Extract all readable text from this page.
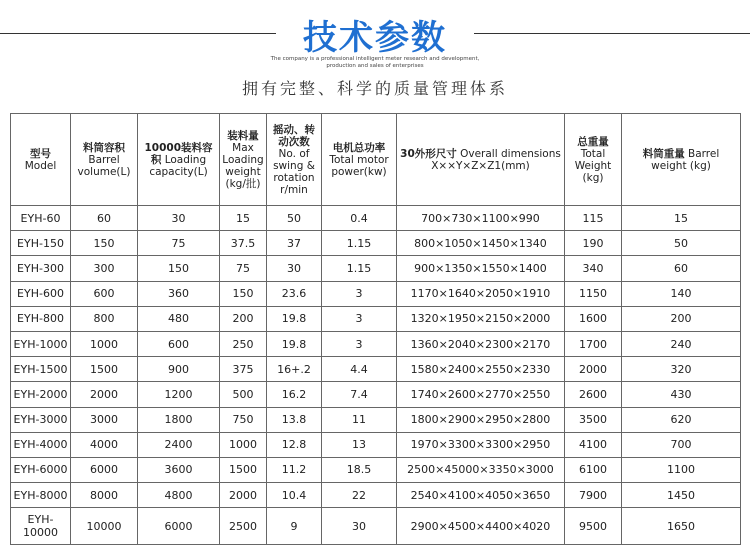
技术参数
The company is a professional intelligent meter research and development,
production and sales of enterprises
拥有完整、科学的质量管理体系
型号 Model	料筒容积 Barrel volume(L)	10000装料容积 Loading capacity(L)	装料量 Max Loading weight (kg/批)	摇动、转动次数 No. of swing & rotation r/min	电机总功率 Total motor power(kw)	30外形尺寸 Overall dimensions X××Y×Z×Z1(mm)	总重量 Total Weight (kg)	料筒重量 Barrel weight (kg)
EYH-60	60	30	15	50	0.4	700×730×1100×990	115	15
EYH-150	150	75	37.5	37	1.15	800×1050×1450×1340	190	50
EYH-300	300	150	75	30	1.15	900×1350×1550×1400	340	60
EYH-600	600	360	150	23.6	3	1170×1640×2050×1910	1150	140
EYH-800	800	480	200	19.8	3	1320×1950×2150×2000	1600	200
EYH-1000	1000	600	250	19.8	3	1360×2040×2300×2170	1700	240
EYH-1500	1500	900	375	16+.2	4.4	1580×2400×2550×2330	2000	320
EYH-2000	2000	1200	500	16.2	7.4	1740×2600×2770×2550	2600	430
EYH-3000	3000	1800	750	13.8	11	1800×2900×2950×2800	3500	620
EYH-4000	4000	2400	1000	12.8	13	1970×3300×3300×2950	4100	700
EYH-6000	6000	3600	1500	11.2	18.5	2500×45000×3350×3000	6100	1100
EYH-8000	8000	4800	2000	10.4	22	2540×4100×4050×3650	7900	1450
EYH-10000	10000	6000	2500	9	30	2900×4500×4400×4020	9500	1650
